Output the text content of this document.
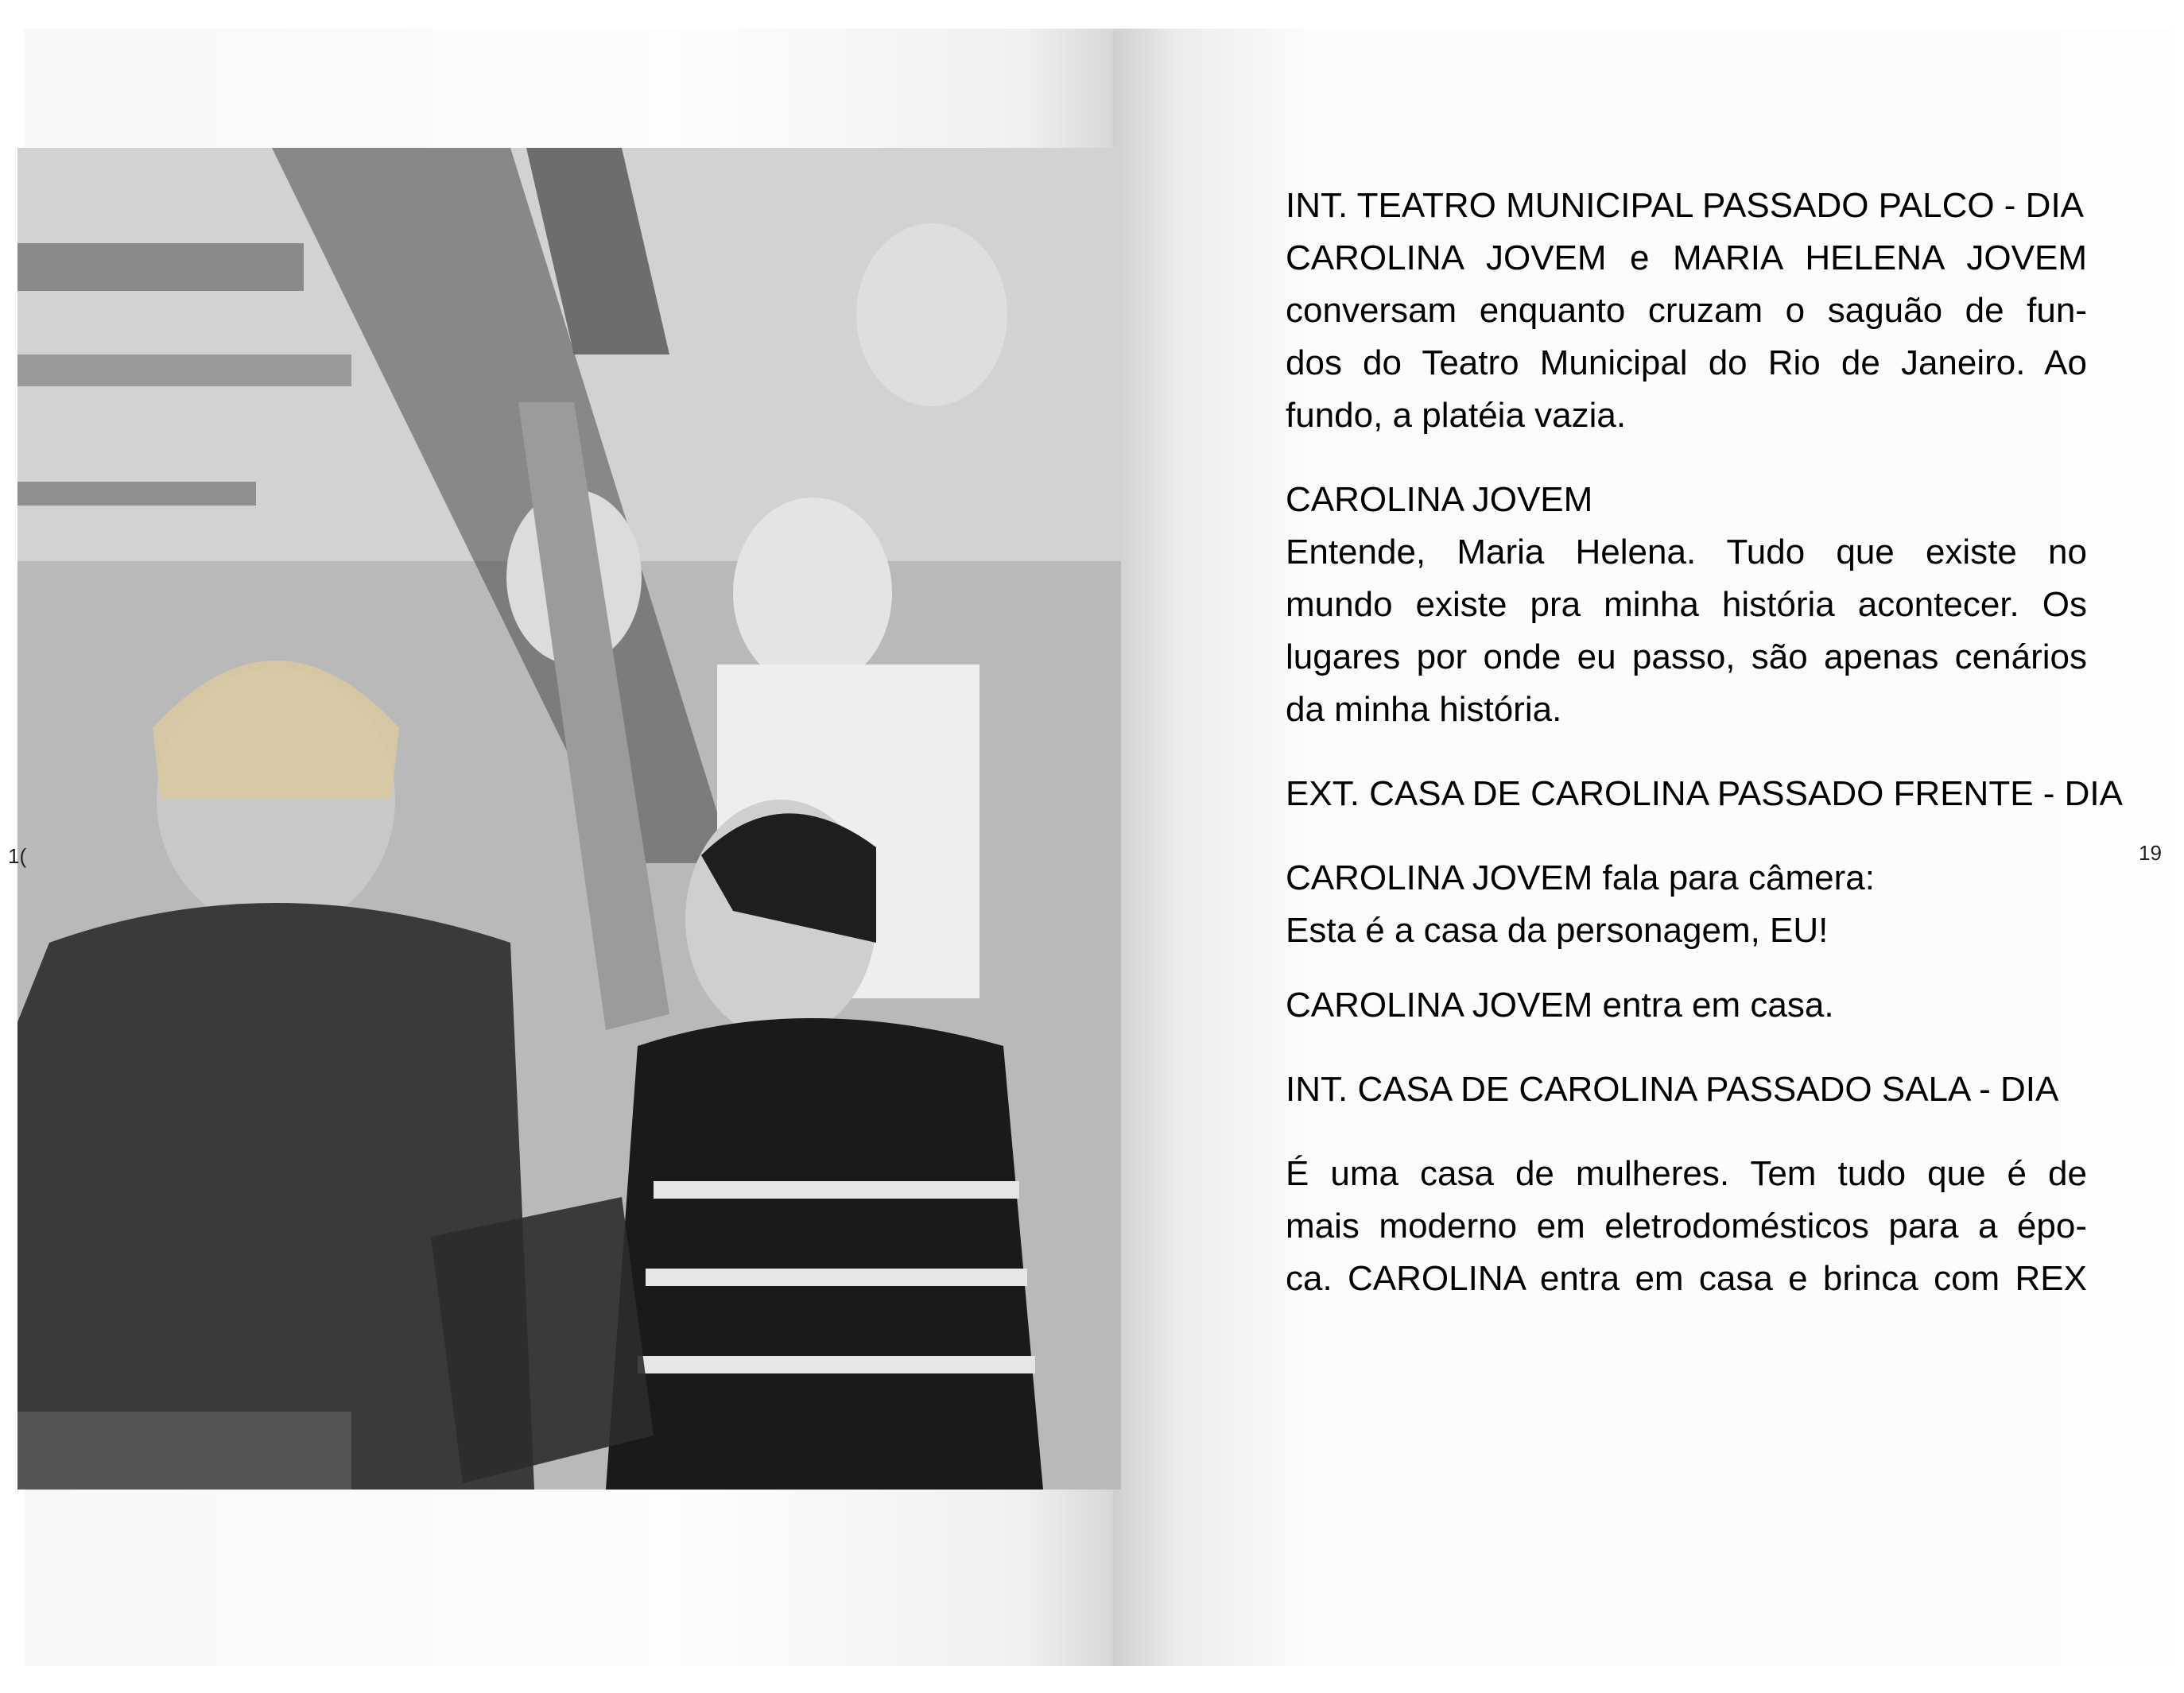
1(	19
INT. TEATRO MUNICIPAL PASSADO PALCO - DIA
CAROLINA JOVEM e MARIA HELENA JOVEM
conversam enquanto cruzam o saguão de fun-
dos do Teatro Municipal do Rio de Janeiro. Ao
fundo, a platéia vazia.
CAROLINA JOVEM
Entende, Maria Helena. Tudo que existe no
mundo existe pra minha história acontecer. Os
lugares por onde eu passo, são apenas cenários
da minha história.
EXT. CASA DE CAROLINA PASSADO FRENTE - DIA
CAROLINA JOVEM fala para câmera:
Esta é a casa da personagem, EU!
CAROLINA JOVEM entra em casa.
INT. CASA DE CAROLINA PASSADO SALA - DIA
É uma casa de mulheres. Tem tudo que é de
mais moderno em eletrodomésticos para a épo-
ca. CAROLINA entra em casa e brinca com REX
